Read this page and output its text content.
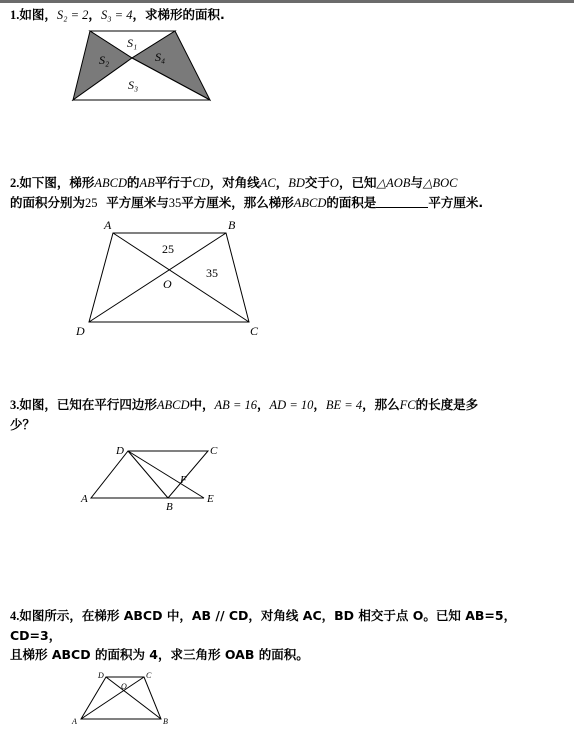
1.如图，S₂ = 2，S₃ = 4，求梯形的面积.
S₁
S₂	S₄
S₃
2.如下图，梯形ABCD的AB平行于CD，对角线AC，BD交于O，已知△AOB与△BOC
的面积分别为25 平方厘米与35平方厘米，那么梯形ABCD的面积是	平方厘米.
A	B
C
D
O
25
35
3.如图，已知在平行四边形ABCD中，AB = 16，AD = 10，BE = 4，那么FC的长度是多
少？
A
B
C
D
E
F
4.如图所示，在梯形 ABCD 中，AB // CD，对角线 AC，BD 相交于点 O。已知 AB=5，CD=3，
且梯形 ABCD 的面积为 4，求三角形 OAB 的面积。
A	B
C
D
O
